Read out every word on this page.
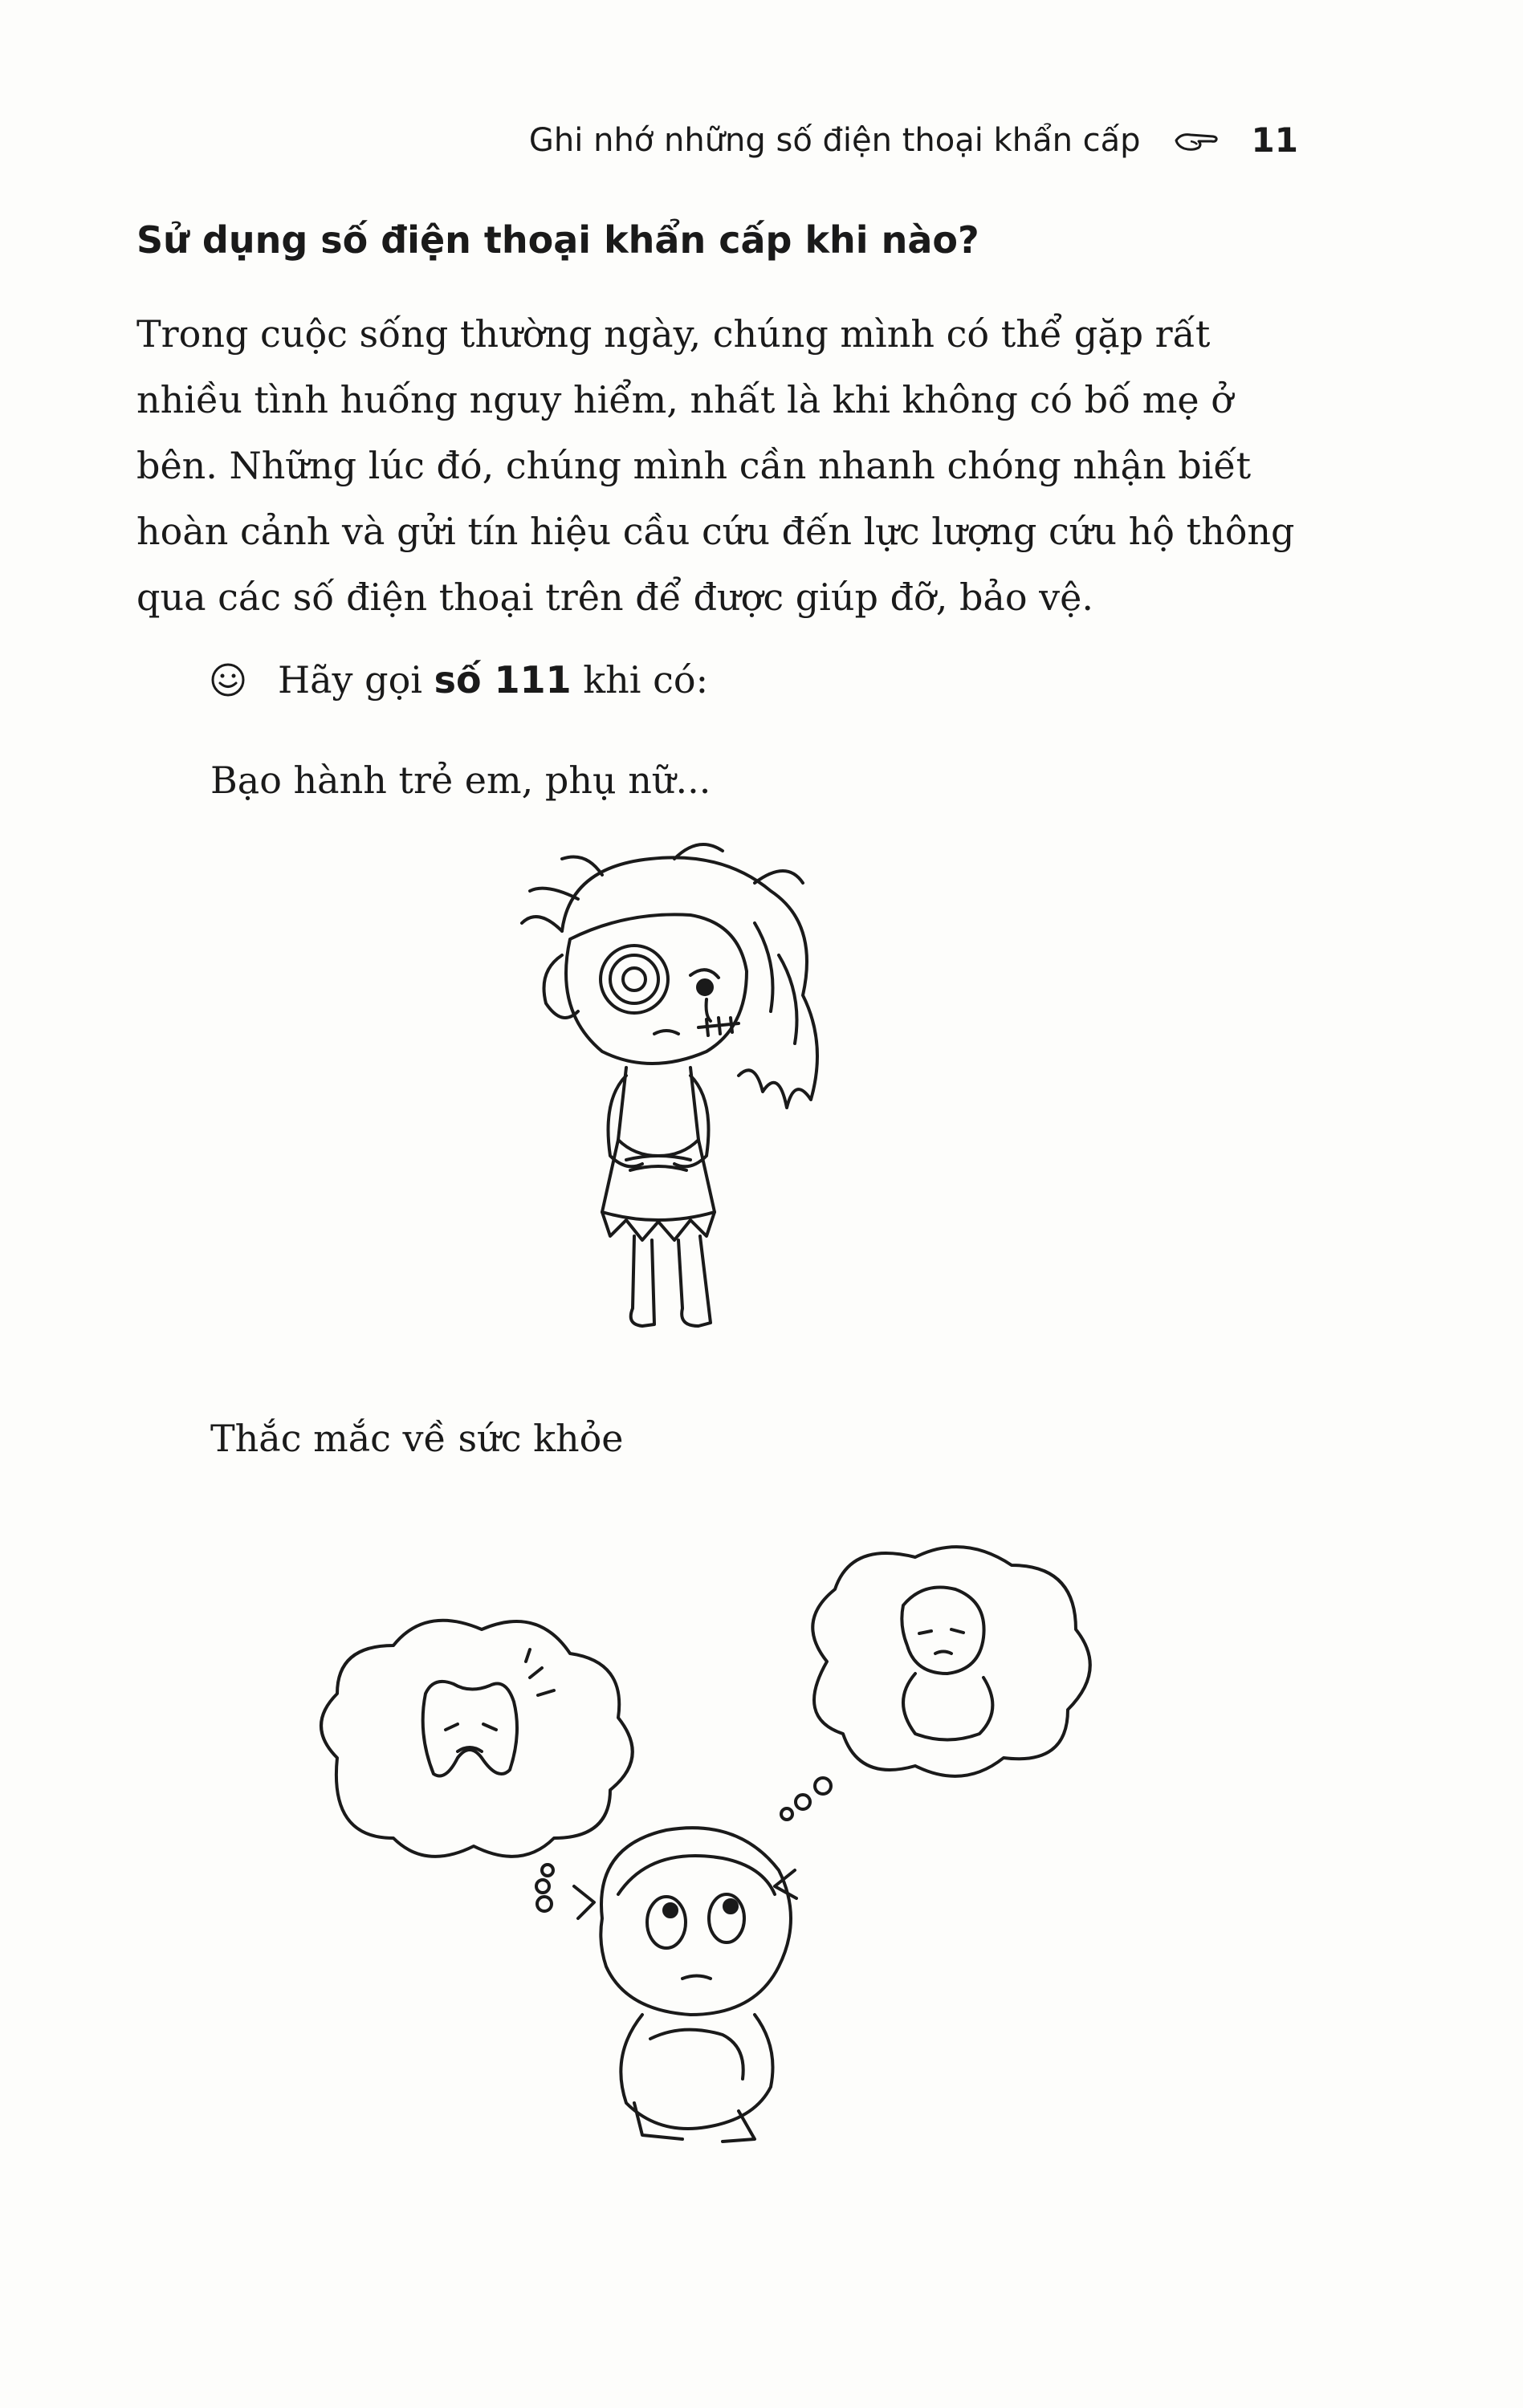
Ghi nhớ những số điện thoại khẩn cấp	11
Sử dụng số điện thoại khẩn cấp khi nào?

Trong cuộc sống thường ngày, chúng mình có thể gặp rất nhiều tình huống nguy hiểm, nhất là khi không có bố mẹ ở bên. Những lúc đó, chúng mình cần nhanh chóng nhận biết hoàn cảnh và gửi tín hiệu cầu cứu đến lực lượng cứu hộ thông qua các số điện thoại trên để được giúp đỡ, bảo vệ.

Hãy gọi số 111 khi có:

Bạo hành trẻ em, phụ nữ...

Thắc mắc về sức khỏe
